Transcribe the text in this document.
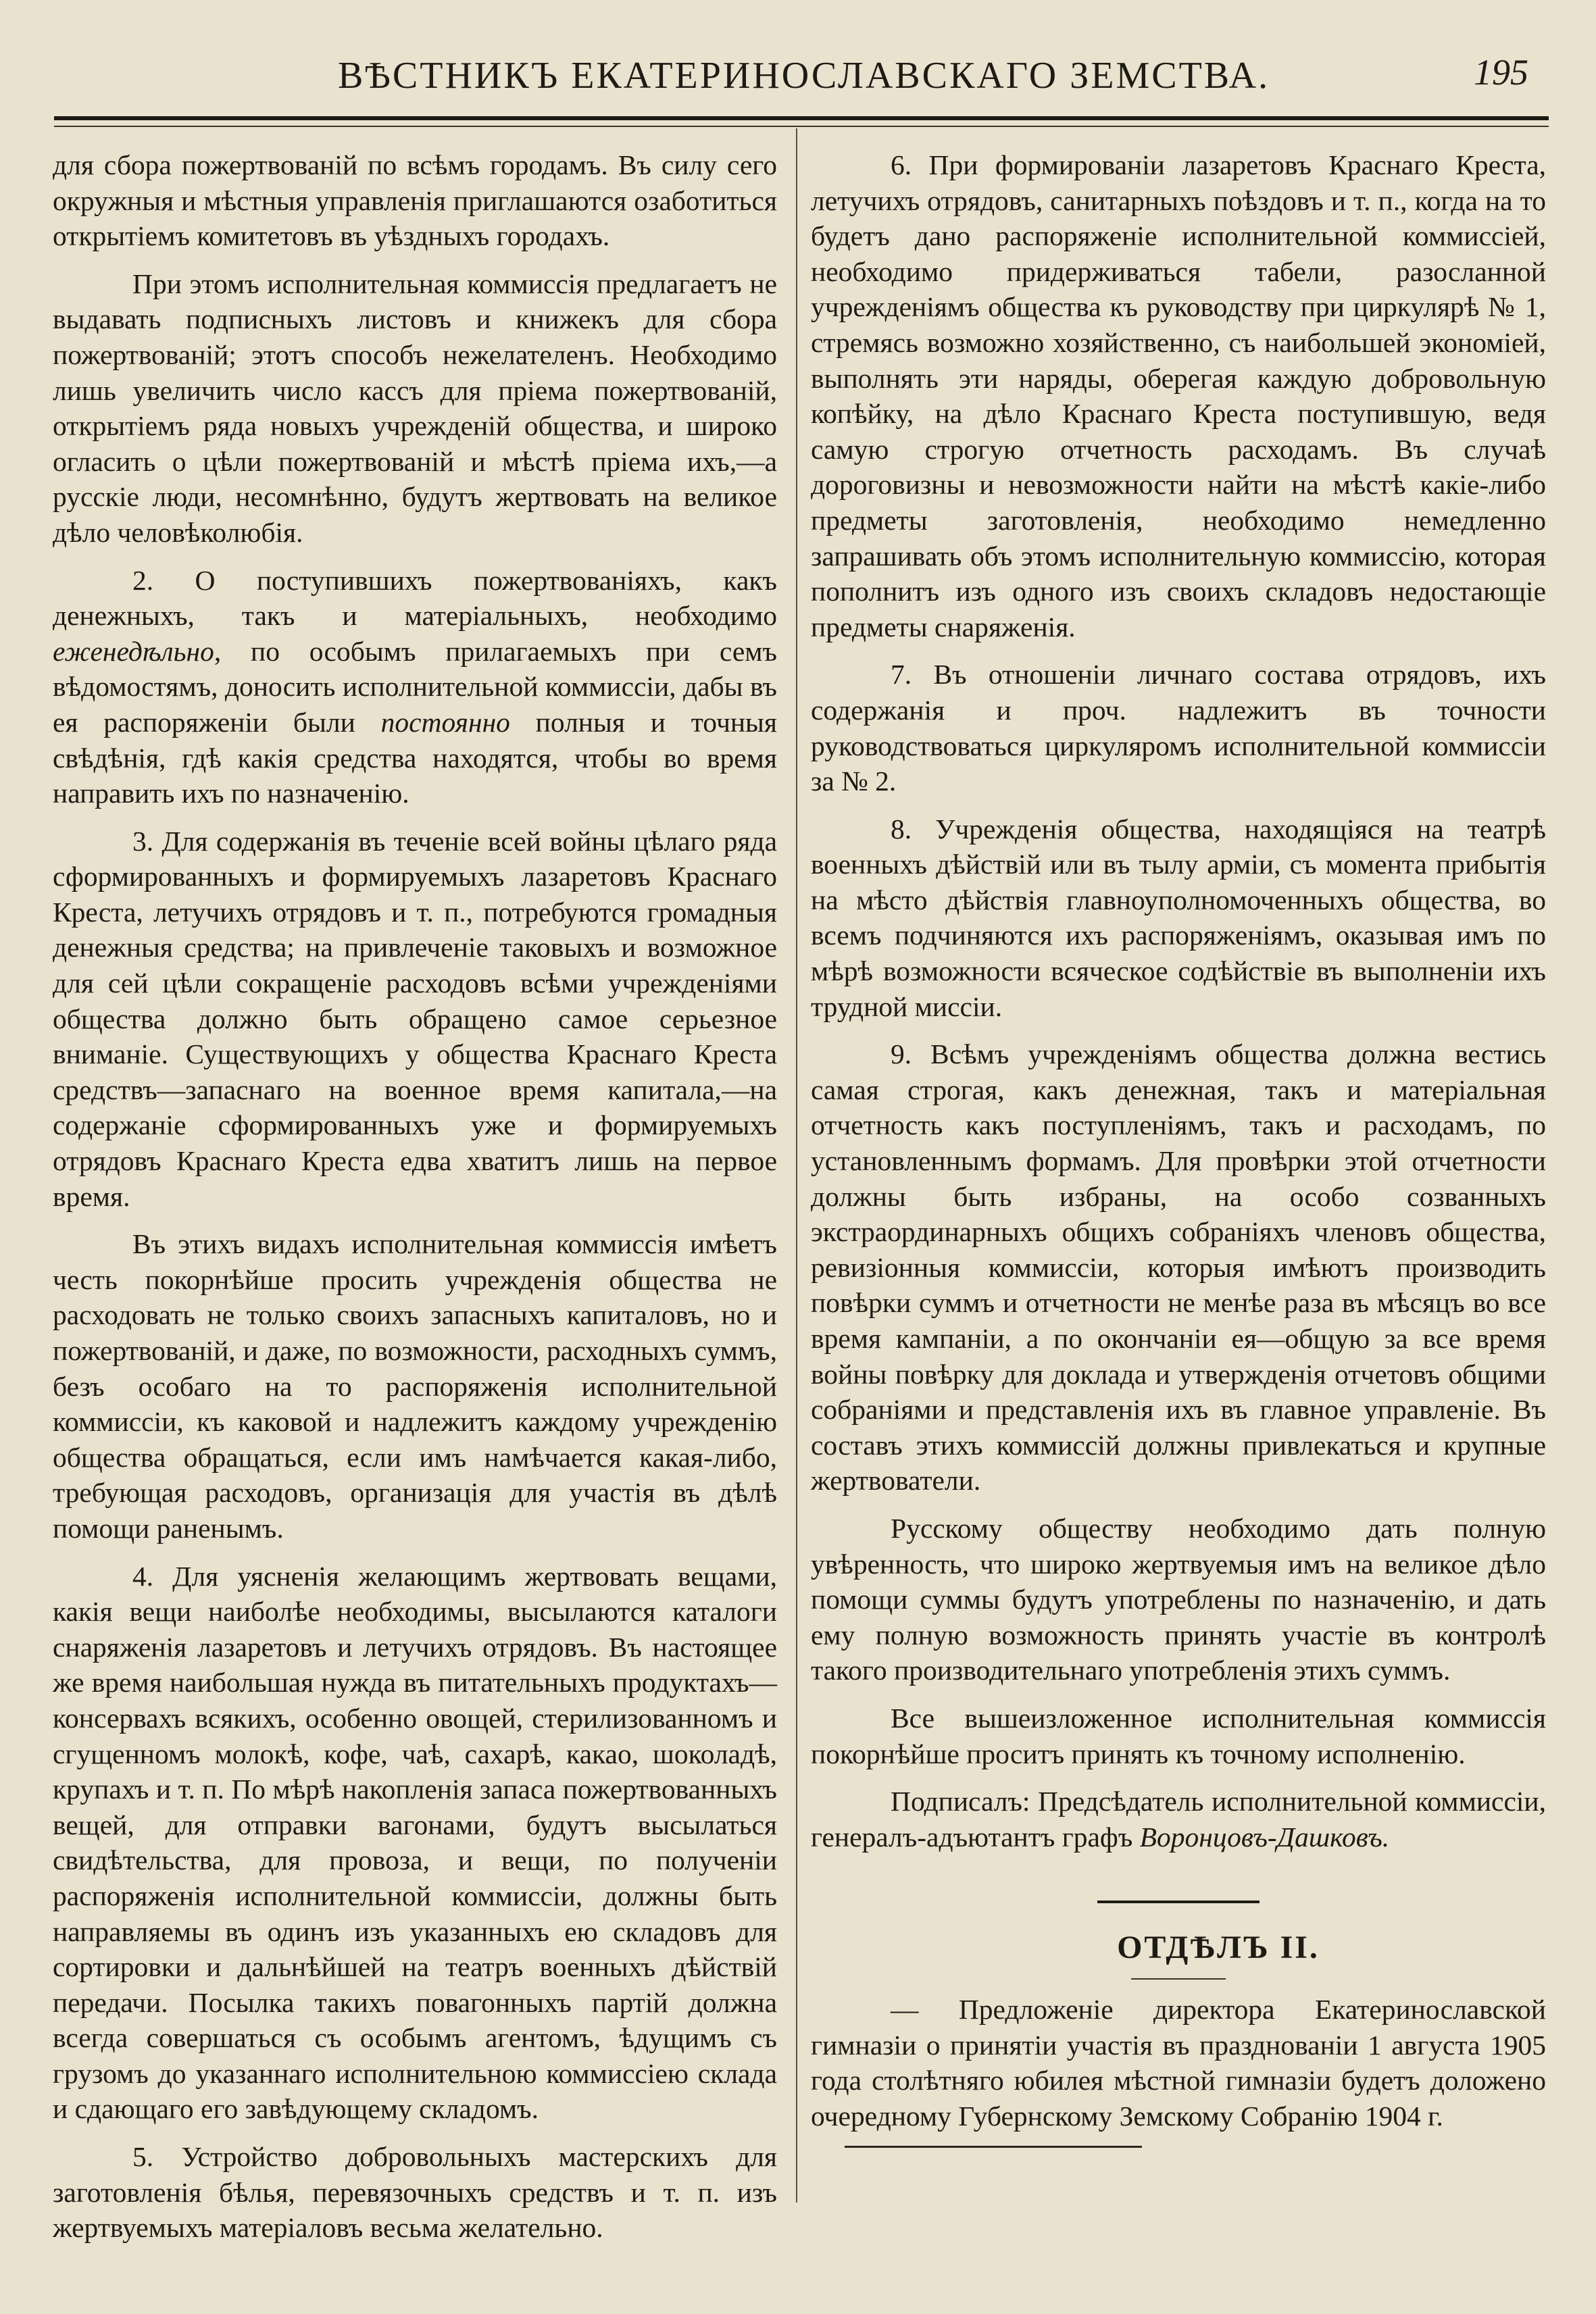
ВѢСТНИКЪ ЕКАТЕРИНОСЛАВСКАГО ЗЕМСТВА.	195

для сбора пожертвованій по всѣмъ городамъ. Въ силу сего окружныя и мѣстныя управленія приглашаются озаботиться открытіемъ комитетовъ въ уѣздныхъ городахъ.

При этомъ исполнительная коммиссія предлагаетъ не выдавать подписныхъ листовъ и книжекъ для сбора пожертвованій; этотъ способъ нежелателенъ. Необходимо лишь увеличить число кассъ для пріема пожертвованій, открытіемъ ряда новыхъ учрежденій общества, и широко огласить о цѣли пожертвованій и мѣстѣ пріема ихъ,—а русскіе люди, несомнѣнно, будутъ жертвовать на великое дѣло человѣколюбія.

2. О поступившихъ пожертвованіяхъ, какъ денежныхъ, такъ и матеріальныхъ, необходимо еженедѣльно, по особымъ прилагаемыхъ при семъ вѣдомостямъ, доносить исполнительной коммиссіи, дабы въ ея распоряженіи были постоянно полныя и точныя свѣдѣнія, гдѣ какія средства находятся, чтобы во время направить ихъ по назначенію.

3. Для содержанія въ теченіе всей войны цѣлаго ряда сформированныхъ и формируемыхъ лазаретовъ Краснаго Креста, летучихъ отрядовъ и т. п., потребуются громадныя денежныя средства; на привлеченіе таковыхъ и возможное для сей цѣли сокращеніе расходовъ всѣми учрежденіями общества должно быть обращено самое серьезное вниманіе. Существующихъ у общества Краснаго Креста средствъ—запаснаго на военное время капитала,—на содержаніе сформированныхъ уже и формируемыхъ отрядовъ Краснаго Креста едва хватитъ лишь на первое время.

Въ этихъ видахъ исполнительная коммиссія имѣетъ честь покорнѣйше просить учрежденія общества не расходовать не только своихъ запасныхъ капиталовъ, но и пожертвованій, и даже, по возможности, расходныхъ суммъ, безъ особаго на то распоряженія исполнительной коммиссіи, къ каковой и надлежитъ каждому учрежденію общества обращаться, если имъ намѣчается какая-либо, требующая расходовъ, организація для участія въ дѣлѣ помощи раненымъ.

4. Для уясненія желающимъ жертвовать вещами, какія вещи наиболѣе необходимы, высылаются каталоги снаряженія лазаретовъ и летучихъ отрядовъ. Въ настоящее же время наибольшая нужда въ питательныхъ продуктахъ—консервахъ всякихъ, особенно овощей, стерилизованномъ и сгущенномъ молокѣ, кофе, чаѣ, сахарѣ, какао, шоколадѣ, крупахъ и т. п. По мѣрѣ накопленія запаса пожертвованныхъ вещей, для отправки вагонами, будутъ высылаться свидѣтельства, для провоза, и вещи, по полученіи распоряженія исполнительной коммиссіи, должны быть направляемы въ одинъ изъ указанныхъ ею складовъ для сортировки и дальнѣйшей на театръ военныхъ дѣйствій передачи. Посылка такихъ повагонныхъ партій должна всегда совершаться съ особымъ агентомъ, ѣдущимъ съ грузомъ до указаннаго исполнительною коммиссіею склада и сдающаго его завѣдующему складомъ.

5. Устройство добровольныхъ мастерскихъ для заготовленія бѣлья, перевязочныхъ средствъ и т. п. изъ жертвуемыхъ матеріаловъ весьма желательно.

6. При формированіи лазаретовъ Краснаго Креста, летучихъ отрядовъ, санитарныхъ поѣздовъ и т. п., когда на то будетъ дано распоряженіе исполнительной коммиссіей, необходимо придерживаться табели, разосланной учрежденіямъ общества къ руководству при циркулярѣ № 1, стремясь возможно хозяйственно, съ наибольшей экономіей, выполнять эти наряды, оберегая каждую добровольную копѣйку, на дѣло Краснаго Креста поступившую, ведя самую строгую отчетность расходамъ. Въ случаѣ дороговизны и невозможности найти на мѣстѣ какіе-либо предметы заготовленія, необходимо немедленно запрашивать объ этомъ исполнительную коммиссію, которая пополнитъ изъ одного изъ своихъ складовъ недостающіе предметы снаряженія.

7. Въ отношеніи личнаго состава отрядовъ, ихъ содержанія и проч. надлежитъ въ точности руководствоваться циркуляромъ исполнительной коммиссіи за № 2.

8. Учрежденія общества, находящіяся на театрѣ военныхъ дѣйствій или въ тылу арміи, съ момента прибытія на мѣсто дѣйствія главноуполномоченныхъ общества, во всемъ подчиняются ихъ распоряженіямъ, оказывая имъ по мѣрѣ возможности всяческое содѣйствіе въ выполненіи ихъ трудной миссіи.

9. Всѣмъ учрежденіямъ общества должна вестись самая строгая, какъ денежная, такъ и матеріальная отчетность какъ поступленіямъ, такъ и расходамъ, по установленнымъ формамъ. Для провѣрки этой отчетности должны быть избраны, на особо созванныхъ экстраординарныхъ общихъ собраніяхъ членовъ общества, ревизіонныя коммиссіи, которыя имѣютъ производить повѣрки суммъ и отчетности не менѣе раза въ мѣсяцъ во все время кампаніи, а по окончаніи ея—общую за все время войны повѣрку для доклада и утвержденія отчетовъ общими собраніями и представленія ихъ въ главное управленіе. Въ составъ этихъ коммиссій должны привлекаться и крупные жертвователи.

Русскому обществу необходимо дать полную увѣренность, что широко жертвуемыя имъ на великое дѣло помощи суммы будутъ употреблены по назначенію, и дать ему полную возможность принять участіе въ контролѣ такого производительнаго употребленія этихъ суммъ.

Все вышеизложенное исполнительная коммиссія покорнѣйше проситъ принять къ точному исполненію.

Подписалъ: Предсѣдатель исполнительной коммиссіи, генералъ-адъютантъ графъ Воронцовъ-Дашковъ.

ОТДѢЛЪ II.

— Предложеніе директора Екатеринославской гимназіи о принятіи участія въ празднованіи 1 августа 1905 года столѣтняго юбилея мѣстной гимназіи будетъ доложено очередному Губернскому Земскому Собранію 1904 г.
